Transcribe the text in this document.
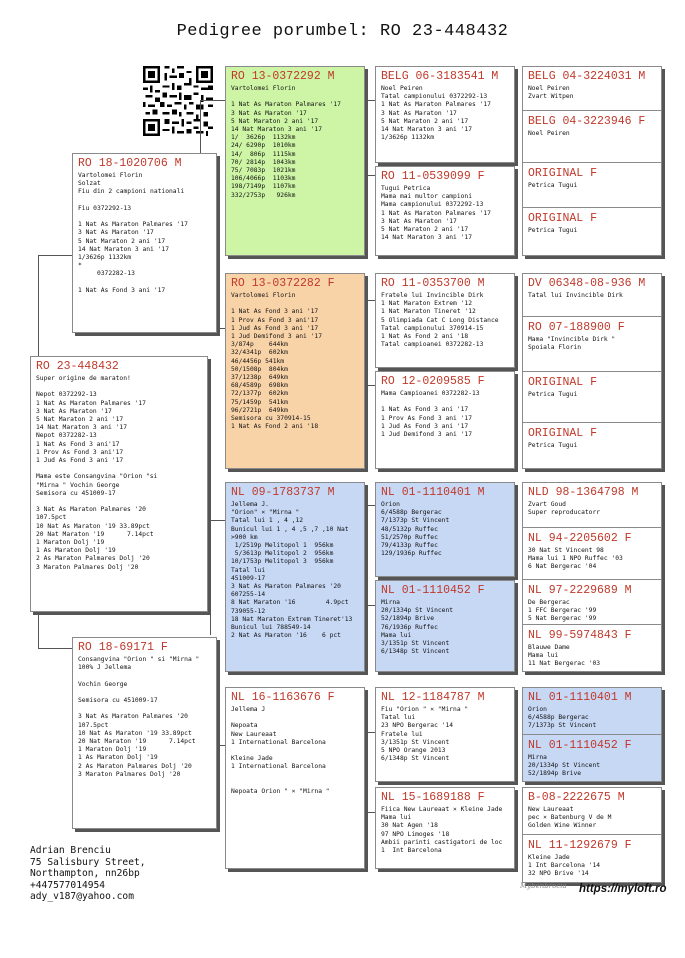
Pedigree porumbel: RO 23-448432
RO 23-448432
Super origine de maraton!

Nepot 0372292-13
1 Nat As Maraton Palmares '17
3 Nat As Maraton '17
5 Nat Maraton 2 ani '17
14 Nat Maraton 3 ani '17
Nepot 0372282-13
1 Nat As Fond 3 ani'17
1 Prov As Fond 3 ani'17
1 Jud As Fond 3 ani '17

Mama este Consangvina "Orion "si
"Mirna " Vochin George
Semisora cu 451009-17

3 Nat As Maraton Palmares '20
107.5pct
10 Nat As Maraton '19 33.89pct
20 Nat Maraton '19      7.14pct
1 Maraton Dolj '19
1 As Maraton Dolj '19
2 As Maraton Palmares Dolj '20
3 Maraton Palmares Dolj '20
RO 18-1020706 M
Vartolomei Florin
Solzat
Fiu din 2 campioni nationali

Fiu 0372292-13

1 Nat As Maraton Palmares '17
3 Nat As Maraton '17
5 Nat Maraton 2 ani '17
14 Nat Maraton 3 ani '17
1/3626p 1132km
*
0372282-13

1 Nat As Fond 3 ani '17
RO 18-69171 F
Consangvina "Orion " si "Mirna "
100% J Jellema

Vochin George

Semisora cu 451009-17

3 Nat As Maraton Palmares '20
107.5pct
10 Nat As Maraton '19 33.89pct
20 Nat Maraton '19      7.14pct
1 Maraton Dolj '19
1 As Maraton Dolj '19
2 As Maraton Palmares Dolj '20
3 Maraton Palmares Dolj '20
RO 13-0372292 M
Vartolomei Florin

1 Nat As Maraton Palmares '17
3 Nat As Maraton '17
5 Nat Maraton 2 ani '17
14 Nat Maraton 3 ani '17
1/  3626p  1132km
24/ 6290p  1010km
14/  806p  1115km
70/ 2814p  1043km
75/ 7083p  1021km
106/4066p  1103km
198/7149p  1107km
332/2753p   926km
RO 13-0372282 F
Vartolomei Florin

1 Nat As Fond 3 ani '17
1 Prov As Fond 3 ani'17
1 Jud As Fond 3 ani '17
1 Jud Demifond 3 ani '17
3/874p    644km
32/4341p  602km
46/4456p 541km
50/1508p  804km
37/1238p  649km
68/4589p  698km
72/1377p  602km
75/1459p  541km
96/2721p  649km
Semisora cu 370914-15
1 Nat As Fond 2 ani '18
NL 09-1783737 M
Jellema J.
"Orion" × "Mirna "
Tatal lui 1 , 4 ,12
Bunicul lui 1 , 4 ,5 ,7 ,10 Nat
>900 km
1/2519p Melitopol 1  956km
5/3613p Melitopol 2  956km
10/1753p Melitopol 3  956km
Tatal lui
451009-17
3 Nat As Maraton Palmares '20
607255-14
8 Nat Maraton '16        4.9pct
739055-12
18 Nat Maraton Extrem Tineret'13
Bunicul lui 788549-14
2 Nat As Maraton '16    6 pct
NL 16-1163676 F
Jellema J

Nepoata
New Laureaat
1 International Barcelona

Kleine Jade
1 International Barcelona

Nepoata Orion " × "Mirna "
BELG 06-3183541 M
Noel Peiren
Tatal campionului 0372292-13
1 Nat As Maraton Palmares '17
3 Nat As Maraton '17
5 Nat Maraton 2 ani '17
14 Nat Maraton 3 ani '17
1/3626p 1132km
RO 11-0539099 F
Tugui Petrica
Mama mai multor campioni
Mama campionului 0372292-13
1 Nat As Maraton Palmares '17
3 Nat As Maraton '17
5 Nat Maraton 2 ani '17
14 Nat Maraton 3 ani '17
RO 11-0353700 M
Fratele lui Invincible Dirk
1 Nat Maraton Extrem '12
1 Nat Maraton Tineret '12
5 Olimpiada Cat C Long Distance
Tatal campionului 370914-15
1 Nat As Fond 2 ani '18
Tatal campioanei 0372282-13
RO 12-0209585 F
Mama Campioanei 0372282-13

1 Nat As Fond 3 ani '17
1 Prov As Fond 3 ani '17
1 Jud As Fond 3 ani '17
1 Jud Demifond 3 ani '17
NL 01-1110401 M
Orion
6/4588p Bergerac
7/1373p St Vincent
48/5132p Ruffec
51/2570p Ruffec
79/4133p Ruffec
129/1936p Ruffec
NL 01-1110452 F
Mirna
20/1334p St Vincent
52/1894p Brive
76/1936p Ruffec
Mama lui
3/1351p St Vincent
6/1348p St Vincent
NL 12-1184787 M
Fiu "Orion " × "Mirna "
Tatal lui
23 NPO Bergerac '14
Fratele lui
3/1351p St Vincent
5 NPO Orange 2013
6/1348p St Vincent
NL 15-1689188 F
Fiica New Laureaat × Kleine Jade
Mama lui
30 Nat Agen '18
97 NPO Limoges '18
Ambii parinti castigatori de loc
1  Int Barcelona
BELG 04-3224031 M
Noel Peiren
Zvart Witpen
BELG 04-3223946 F
Noel Peiren
ORIGINAL F
Petrica Tugui
ORIGINAL F
Petrica Tugui
DV 06348-08-936 M
Tatal lui Invincible Dirk
RO 07-188900 F
Mama "Invincible Dirk "
Spoiala Florin
ORIGINAL F
Petrica Tugui
ORIGINAL F
Petrica Tugui
NLD 98-1364798 M
Zvart Goud
Super reproducatorr
NL 94-2205602 F
30 Nat St Vincent 98
Mama lui 1 NPO Ruffec '03
6 Nat Bergerac '04
NL 97-2229689 M
De Bergerac
1 FFC Bergerac '99
5 Nat Bergerac '99
NL 99-5974843 F
Blauwe Dame
Mama lui
11 Nat Bergerac '03
NL 01-1110401 M
Orion
6/4588p Bergerac
7/1373p St Vincent
NL 01-1110452 F
Mirna
20/1334p St Vincent
52/1894p Brive
B-08-2222675 M
New Laureaat
pec × Batenburg V de M
Golden Wine Winner
NL 11-1292679 F
Kleine Jade
1 Int Barcelona '14
32 NPO Brive '14
Adrian Brenciu
75 Salisbury Street,
Northampton, nn26bp
+447577014954
ady_v187@yahoo.com
Mybenbrocia https://myloft.ro
